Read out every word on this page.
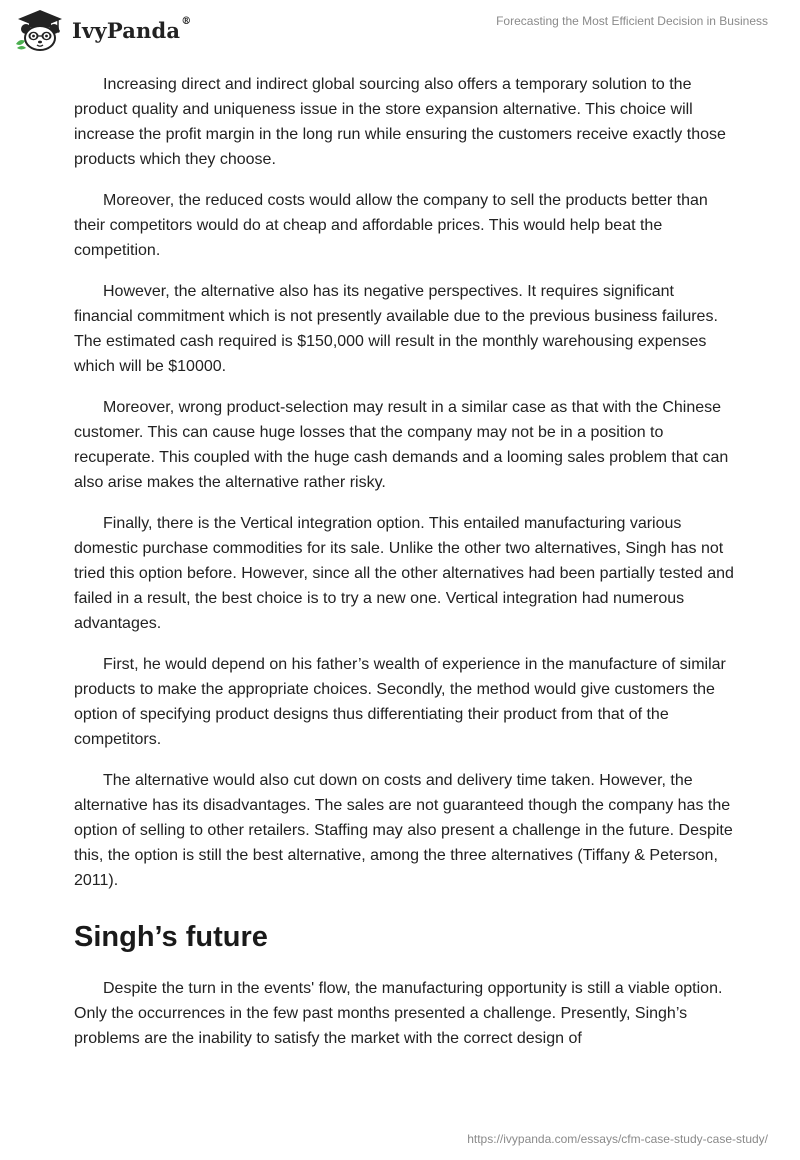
IvyPanda®	Forecasting the Most Efficient Decision in Business

Increasing direct and indirect global sourcing also offers a temporary solution to the product quality and uniqueness issue in the store expansion alternative. This choice will increase the profit margin in the long run while ensuring the customers receive exactly those products which they choose.

Moreover, the reduced costs would allow the company to sell the products better than their competitors would do at cheap and affordable prices. This would help beat the competition.

However, the alternative also has its negative perspectives. It requires significant financial commitment which is not presently available due to the previous business failures. The estimated cash required is $150,000 will result in the monthly warehousing expenses which will be $10000.

Moreover, wrong product-selection may result in a similar case as that with the Chinese customer. This can cause huge losses that the company may not be in a position to recuperate. This coupled with the huge cash demands and a looming sales problem that can also arise makes the alternative rather risky.

Finally, there is the Vertical integration option. This entailed manufacturing various domestic purchase commodities for its sale. Unlike the other two alternatives, Singh has not tried this option before. However, since all the other alternatives had been partially tested and failed in a result, the best choice is to try a new one. Vertical integration had numerous advantages.

First, he would depend on his father’s wealth of experience in the manufacture of similar products to make the appropriate choices. Secondly, the method would give customers the option of specifying product designs thus differentiating their product from that of the competitors.

The alternative would also cut down on costs and delivery time taken. However, the alternative has its disadvantages. The sales are not guaranteed though the company has the option of selling to other retailers. Staffing may also present a challenge in the future. Despite this, the option is still the best alternative, among the three alternatives (Tiffany & Peterson, 2011).

Singh’s future

Despite the turn in the events' flow, the manufacturing opportunity is still a viable option. Only the occurrences in the few past months presented a challenge. Presently, Singh’s problems are the inability to satisfy the market with the correct design of

https://ivypanda.com/essays/cfm-case-study-case-study/
